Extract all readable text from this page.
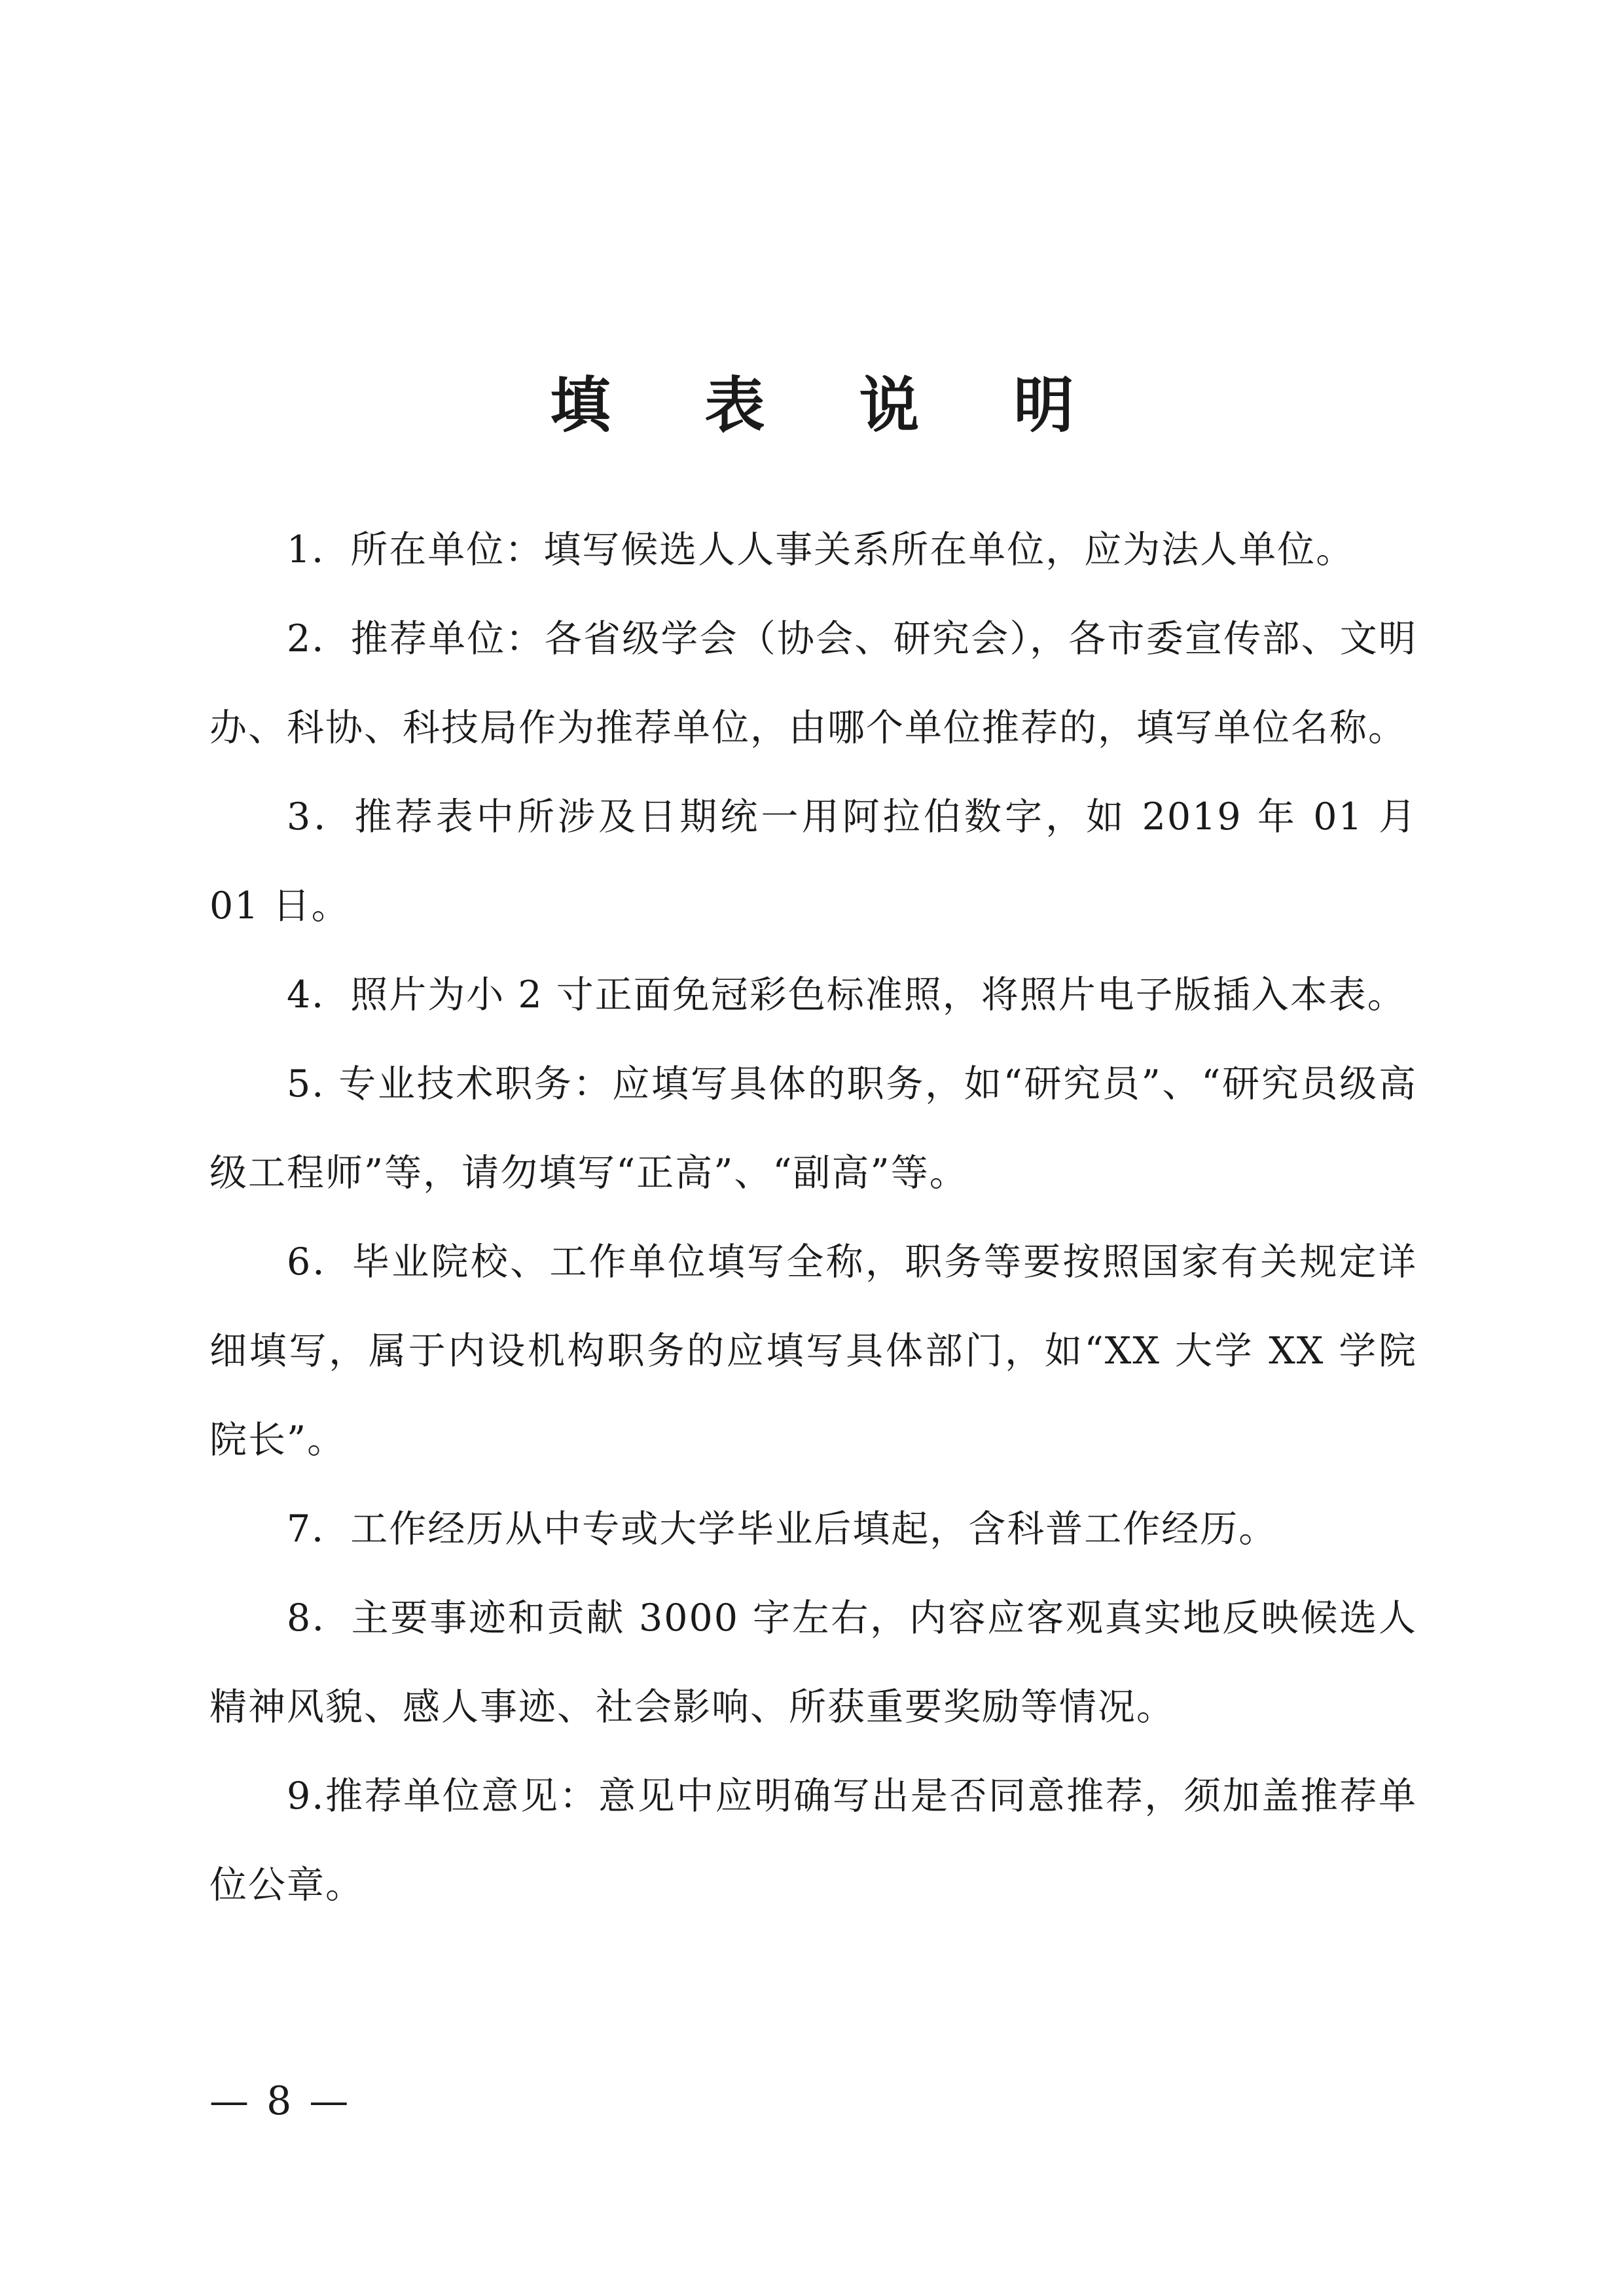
填 表 说 明

1．所在单位：填写候选人人事关系所在单位，应为法人单位。

2．推荐单位：各省级学会（协会、研究会），各市委宣传部、文明办、科协、科技局作为推荐单位，由哪个单位推荐的，填写单位名称。

3．推荐表中所涉及日期统一用阿拉伯数字，如 2019 年 01 月 01 日。

4．照片为小 2 寸正面免冠彩色标准照，将照片电子版插入本表。

5. 专业技术职务：应填写具体的职务，如“研究员”、“研究员级高级工程师”等，请勿填写“正高”、“副高”等。

6．毕业院校、工作单位填写全称，职务等要按照国家有关规定详细填写，属于内设机构职务的应填写具体部门，如“XX 大学 XX 学院院长”。

7．工作经历从中专或大学毕业后填起，含科普工作经历。

8．主要事迹和贡献 3000 字左右，内容应客观真实地反映候选人精神风貌、感人事迹、社会影响、所获重要奖励等情况。

9.推荐单位意见：意见中应明确写出是否同意推荐，须加盖推荐单位公章。

— 8 —
